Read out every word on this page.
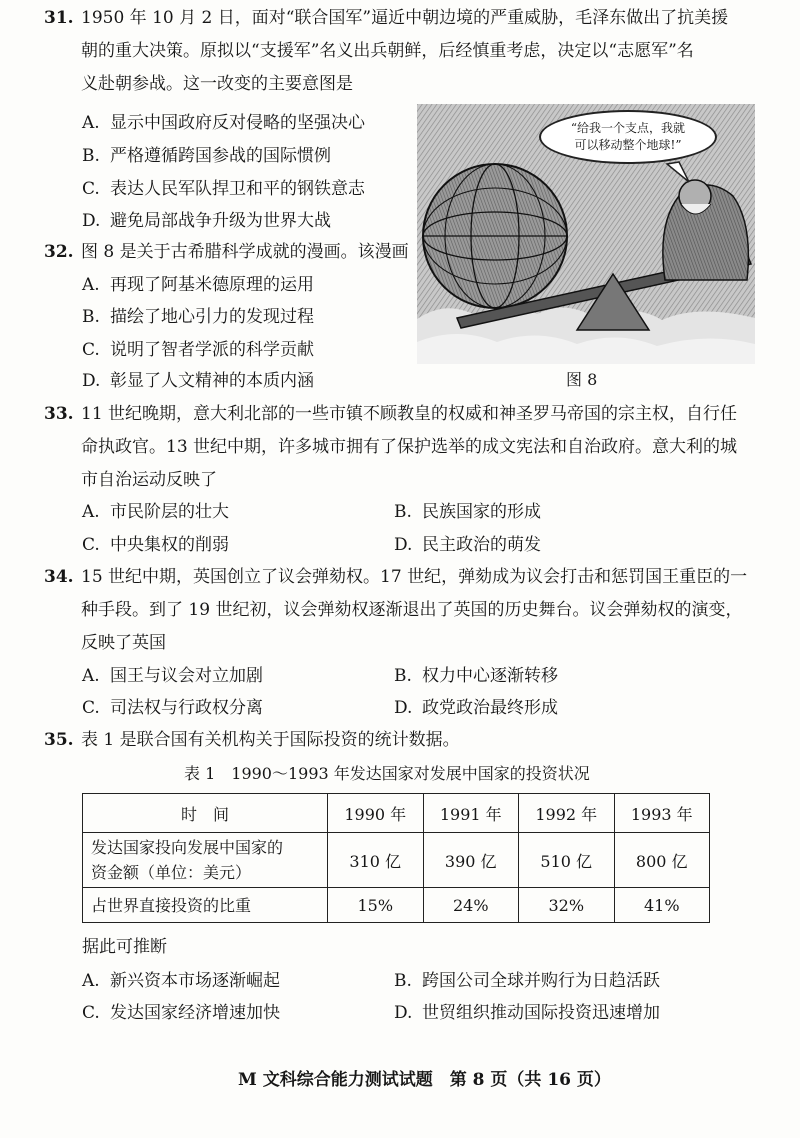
31. 1950 年 10 月 2 日，面对“联合国军”逼近中朝边境的严重威胁，毛泽东做出了抗美援
朝的重大决策。原拟以“支援军”名义出兵朝鲜，后经慎重考虑，决定以“志愿军”名
义赴朝参战。这一改变的主要意图是
A. 显示中国政府反对侵略的坚强决心
B. 严格遵循跨国参战的国际惯例
C. 表达人民军队捍卫和平的钢铁意志
D. 避免局部战争升级为世界大战
32. 图 8 是关于古希腊科学成就的漫画。该漫画
A. 再现了阿基米德原理的运用
B. 描绘了地心引力的发现过程
C. 说明了智者学派的科学贡献
D. 彰显了人文精神的本质内涵
“给我一个支点，我就
可以移动整个地球!”
图 8
33. 11 世纪晚期，意大利北部的一些市镇不顾教皇的权威和神圣罗马帝国的宗主权，自行任
命执政官。13 世纪中期，许多城市拥有了保护选举的成文宪法和自治政府。意大利的城
市自治运动反映了
A. 市民阶层的壮大	B. 民族国家的形成
C. 中央集权的削弱	D. 民主政治的萌发
34. 15 世纪中期，英国创立了议会弹劾权。17 世纪，弹劾成为议会打击和惩罚国王重臣的一
种手段。到了 19 世纪初，议会弹劾权逐渐退出了英国的历史舞台。议会弹劾权的演变，
反映了英国
A. 国王与议会对立加剧	B. 权力中心逐渐转移
C. 司法权与行政权分离	D. 政党政治最终形成
35. 表 1 是联合国有关机构关于国际投资的统计数据。
表 1　1990～1993 年发达国家对发展中国家的投资状况
时　间	1990 年	1991 年	1992 年	1993 年

发达国家投向发展中国家的
资金额（单位：美元）	310 亿	390 亿	510 亿	800 亿
占世界直接投资的比重	15%	24%	32%	41%
据此可推断
A. 新兴资本市场逐渐崛起	B. 跨国公司全球并购行为日趋活跃
C. 发达国家经济增速加快	D. 世贸组织推动国际投资迅速增加
M 文科综合能力测试试题　第 8 页（共 16 页）
